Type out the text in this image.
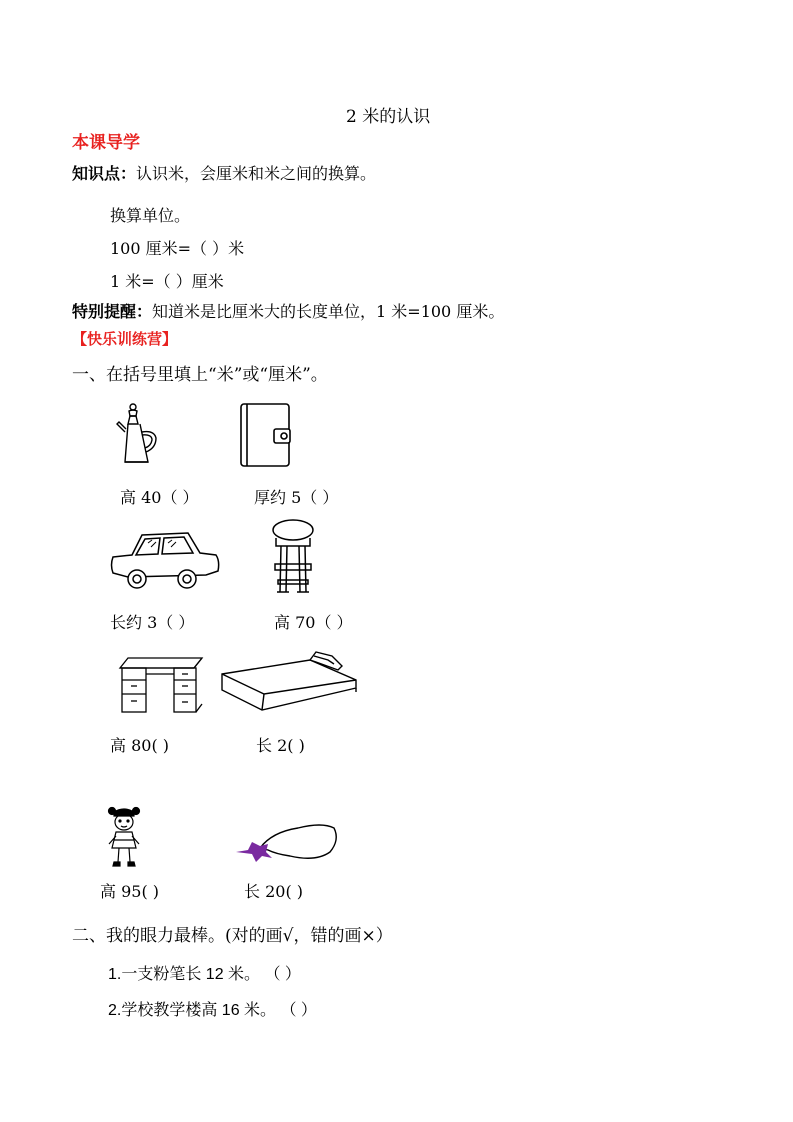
2 米的认识
本课导学
知识点：认识米，会厘米和米之间的换算。
换算单位。
100 厘米=（ ）米
1 米=（ ）厘米
特别提醒：知道米是比厘米大的长度单位，1 米=100 厘米。
【快乐训练营】
一、在括号里填上“米”或“厘米”。
高 40（ ）	厚约 5（ ）
长约 3（ ）	高 70（ ）
高 80( )	长 2( )
高 95( )	长 20( )
二、我的眼力最棒。(对的画√，错的画×）
1.一支粉笔长 12 米。 （ ）
2.学校教学楼高 16 米。 （ ）
